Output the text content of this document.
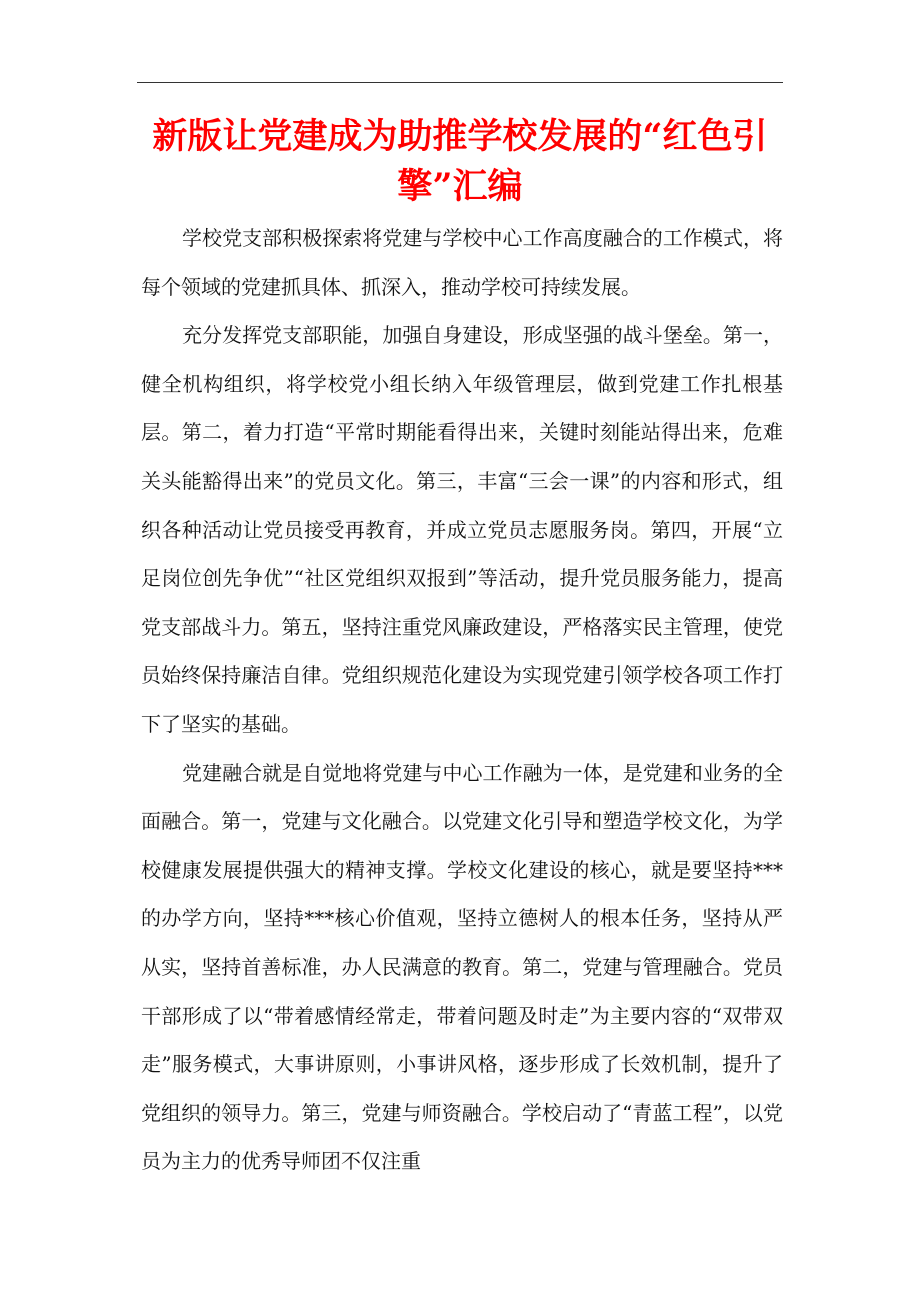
新版让党建成为助推学校发展的“红色引擎”汇编

学校党支部积极探索将党建与学校中心工作高度融合的工作模式，将每个领域的党建抓具体、抓深入，推动学校可持续发展。

充分发挥党支部职能，加强自身建设，形成坚强的战斗堡垒。第一，健全机构组织，将学校党小组长纳入年级管理层，做到党建工作扎根基层。第二，着力打造“平常时期能看得出来，关键时刻能站得出来，危难关头能豁得出来”的党员文化。第三，丰富“三会一课”的内容和形式，组织各种活动让党员接受再教育，并成立党员志愿服务岗。第四，开展“立足岗位创先争优”“社区党组织双报到”等活动，提升党员服务能力，提高党支部战斗力。第五，坚持注重党风廉政建设，严格落实民主管理，使党员始终保持廉洁自律。党组织规范化建设为实现党建引领学校各项工作打下了坚实的基础。

党建融合就是自觉地将党建与中心工作融为一体，是党建和业务的全面融合。第一，党建与文化融合。以党建文化引导和塑造学校文化，为学校健康发展提供强大的精神支撑。学校文化建设的核心，就是要坚持***的办学方向，坚持***核心价值观，坚持立德树人的根本任务，坚持从严从实，坚持首善标准，办人民满意的教育。第二，党建与管理融合。党员干部形成了以“带着感情经常走，带着问题及时走”为主要内容的“双带双走”服务模式，大事讲原则，小事讲风格，逐步形成了长效机制，提升了党组织的领导力。第三，党建与师资融合。学校启动了“青蓝工程”，以党员为主力的优秀导师团不仅注重
